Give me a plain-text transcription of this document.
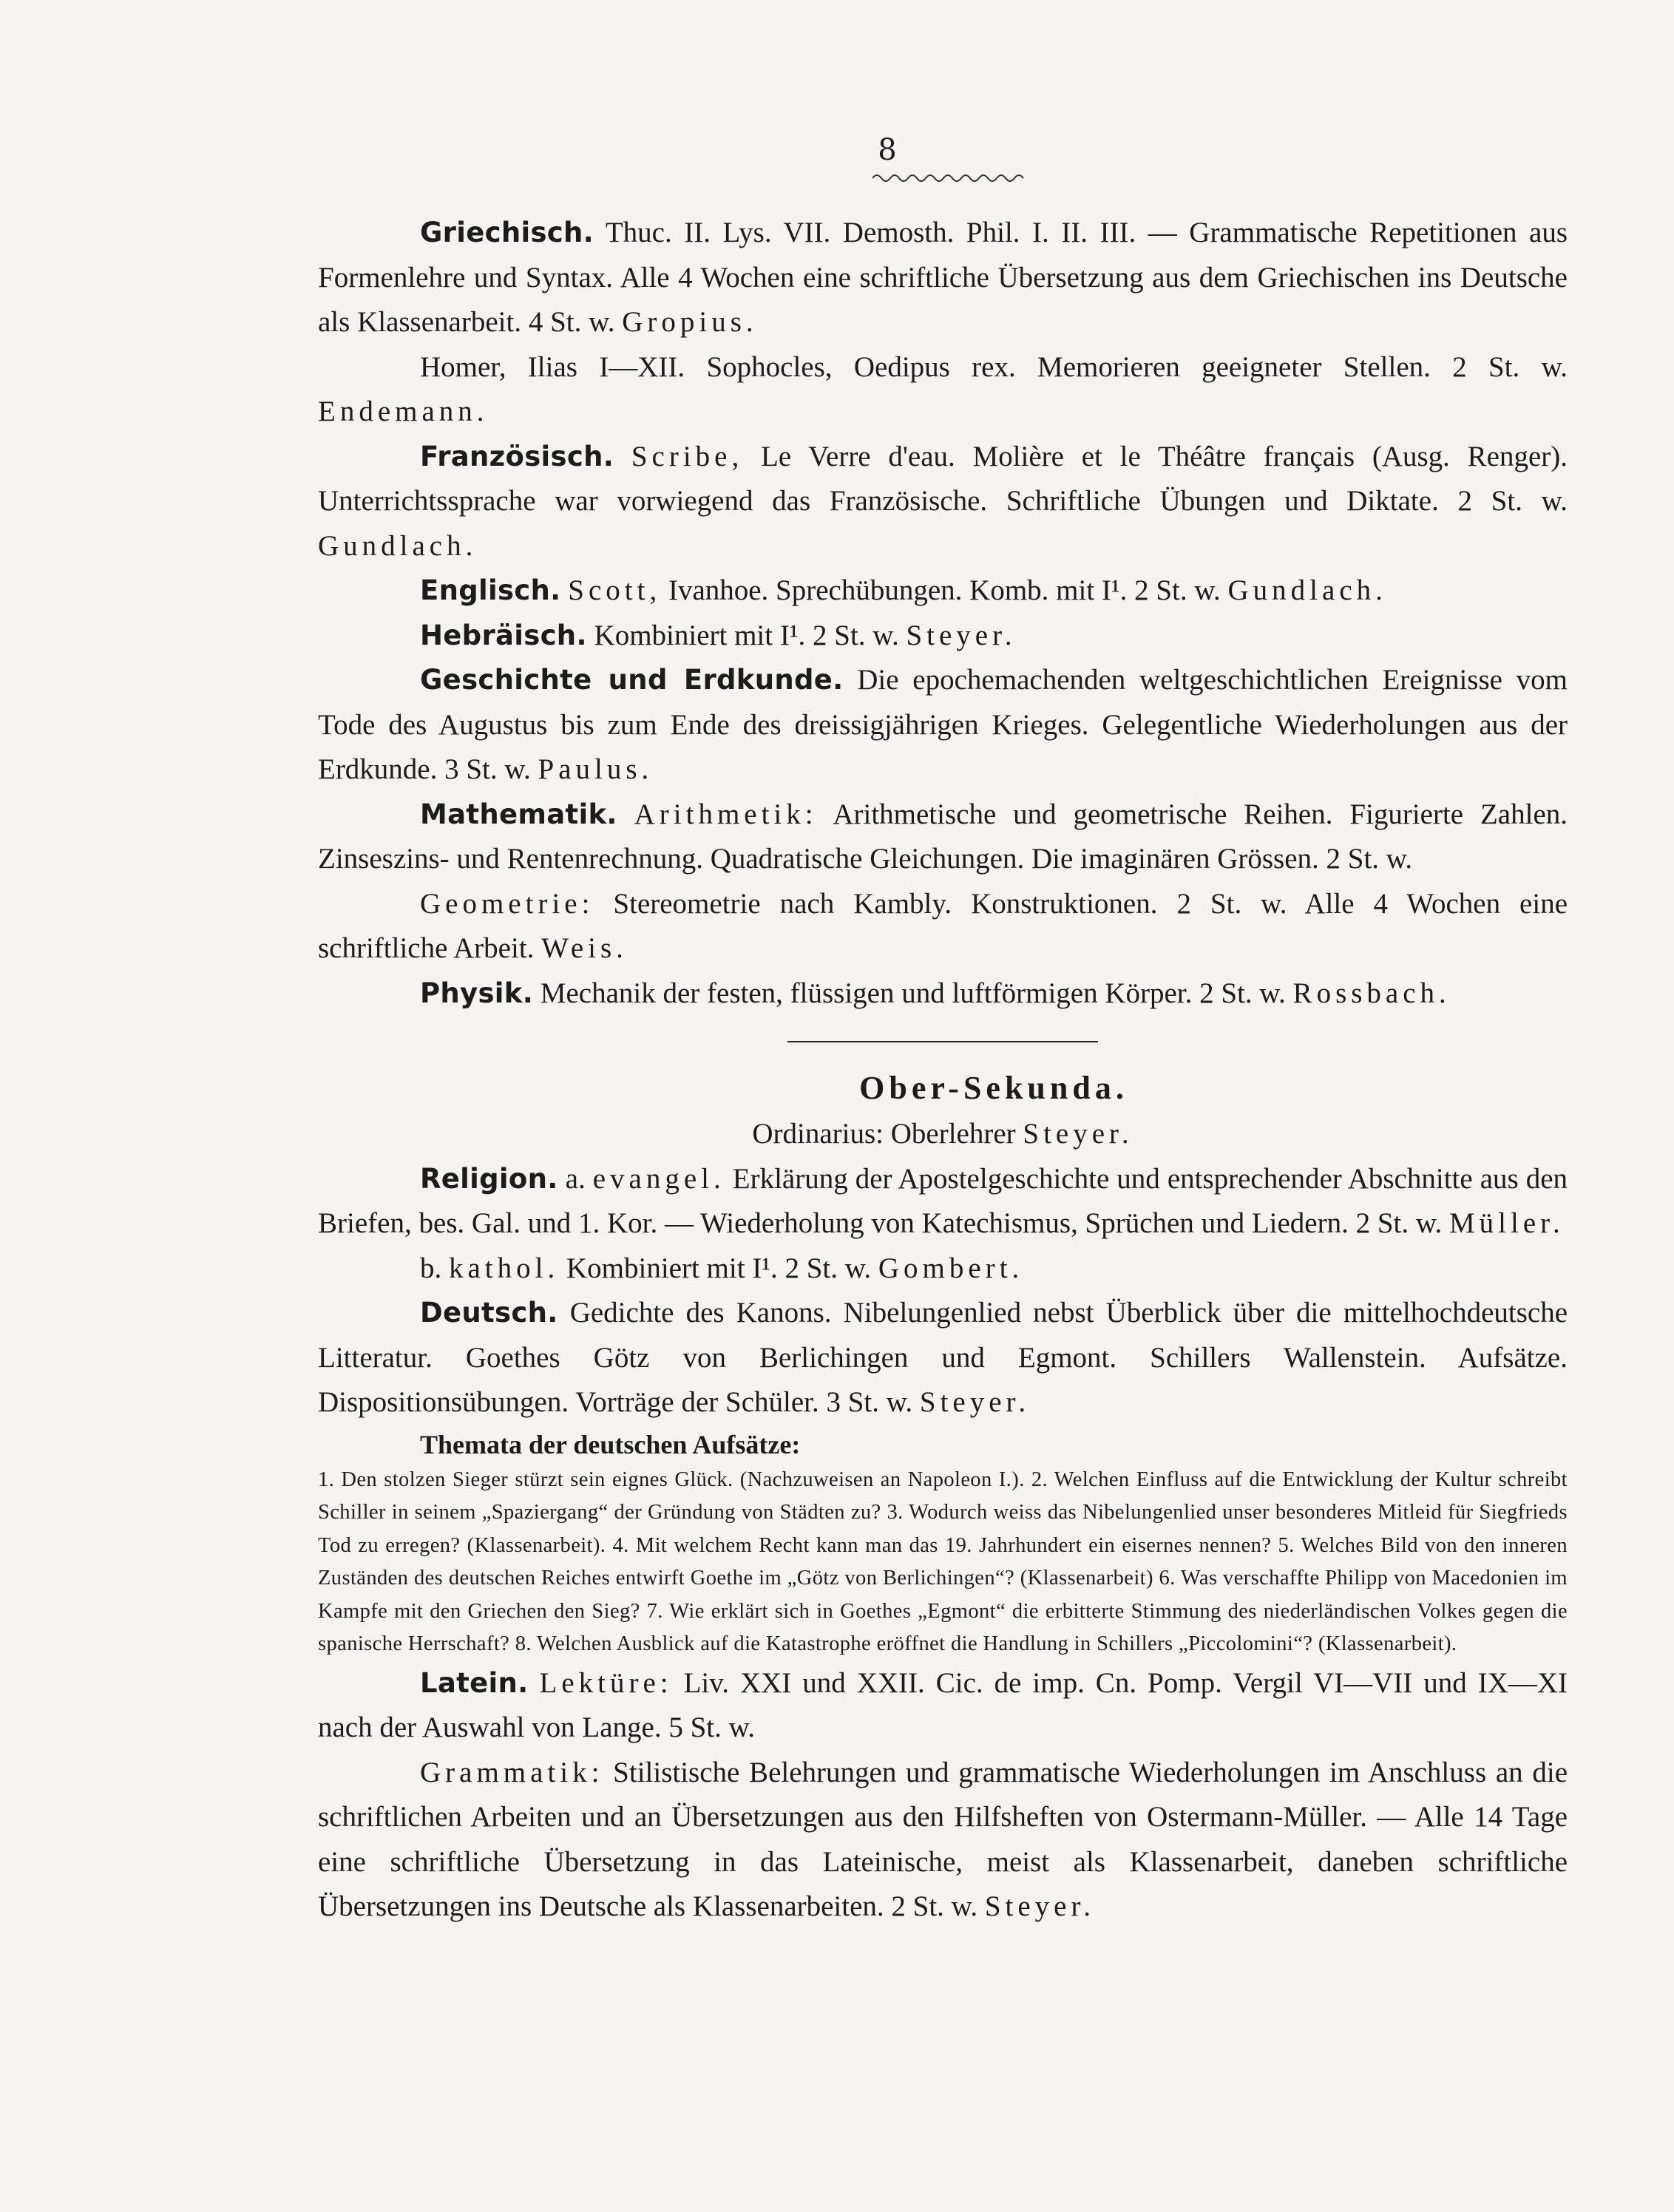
8

Griechisch. Thuc. II. Lys. VII. Demosth. Phil. I. II. III. — Grammatische Repetitionen aus Formenlehre und Syntax. Alle 4 Wochen eine schriftliche Übersetzung aus dem Griechischen ins Deutsche als Klassenarbeit. 4 St. w. Gropius.

Homer, Ilias I—XII. Sophocles, Oedipus rex. Memorieren geeigneter Stellen. 2 St. w. Endemann.

Französisch. Scribe, Le Verre d'eau. Molière et le Théâtre français (Ausg. Renger). Unterrichtssprache war vorwiegend das Französische. Schriftliche Übungen und Diktate. 2 St. w. Gundlach.

Englisch. Scott, Ivanhoe. Sprechübungen. Komb. mit I¹. 2 St. w. Gundlach.

Hebräisch. Kombiniert mit I¹. 2 St. w. Steyer.

Geschichte und Erdkunde. Die epochemachenden weltgeschichtlichen Ereignisse vom Tode des Augustus bis zum Ende des dreissigjährigen Krieges. Gelegentliche Wiederholungen aus der Erdkunde. 3 St. w. Paulus.

Mathematik. Arithmetik: Arithmetische und geometrische Reihen. Figurierte Zahlen. Zinseszins- und Rentenrechnung. Quadratische Gleichungen. Die imaginären Grössen. 2 St. w.

Geometrie: Stereometrie nach Kambly. Konstruktionen. 2 St. w. Alle 4 Wochen eine schriftliche Arbeit. Weis.

Physik. Mechanik der festen, flüssigen und luftförmigen Körper. 2 St. w. Rossbach.

Ober-Sekunda.

Ordinarius: Oberlehrer Steyer.

Religion. a. evangel. Erklärung der Apostelgeschichte und entsprechender Abschnitte aus den Briefen, bes. Gal. und 1. Kor. — Wiederholung von Katechismus, Sprüchen und Liedern. 2 St. w. Müller.

b. kathol. Kombiniert mit I¹. 2 St. w. Gombert.

Deutsch. Gedichte des Kanons. Nibelungenlied nebst Überblick über die mittelhochdeutsche Litteratur. Goethes Götz von Berlichingen und Egmont. Schillers Wallenstein. Aufsätze. Dispositionsübungen. Vorträge der Schüler. 3 St. w. Steyer.

Themata der deutschen Aufsätze:

1. Den stolzen Sieger stürzt sein eignes Glück. (Nachzuweisen an Napoleon I.). 2. Welchen Einfluss auf die Entwicklung der Kultur schreibt Schiller in seinem „Spaziergang“ der Gründung von Städten zu? 3. Wodurch weiss das Nibelungenlied unser besonderes Mitleid für Siegfrieds Tod zu erregen? (Klassenarbeit). 4. Mit welchem Recht kann man das 19. Jahrhundert ein eisernes nennen? 5. Welches Bild von den inneren Zuständen des deutschen Reiches entwirft Goethe im „Götz von Berlichingen“? (Klassenarbeit) 6. Was verschaffte Philipp von Macedonien im Kampfe mit den Griechen den Sieg? 7. Wie erklärt sich in Goethes „Egmont“ die erbitterte Stimmung des niederländischen Volkes gegen die spanische Herrschaft? 8. Welchen Ausblick auf die Katastrophe eröffnet die Handlung in Schillers „Piccolomini“? (Klassenarbeit).

Latein. Lektüre: Liv. XXI und XXII. Cic. de imp. Cn. Pomp. Vergil VI—VII und IX—XI nach der Auswahl von Lange. 5 St. w.

Grammatik: Stilistische Belehrungen und grammatische Wiederholungen im Anschluss an die schriftlichen Arbeiten und an Übersetzungen aus den Hilfsheften von Ostermann-Müller. — Alle 14 Tage eine schriftliche Übersetzung in das Lateinische, meist als Klassenarbeit, daneben schriftliche Übersetzungen ins Deutsche als Klassenarbeiten. 2 St. w. Steyer.
